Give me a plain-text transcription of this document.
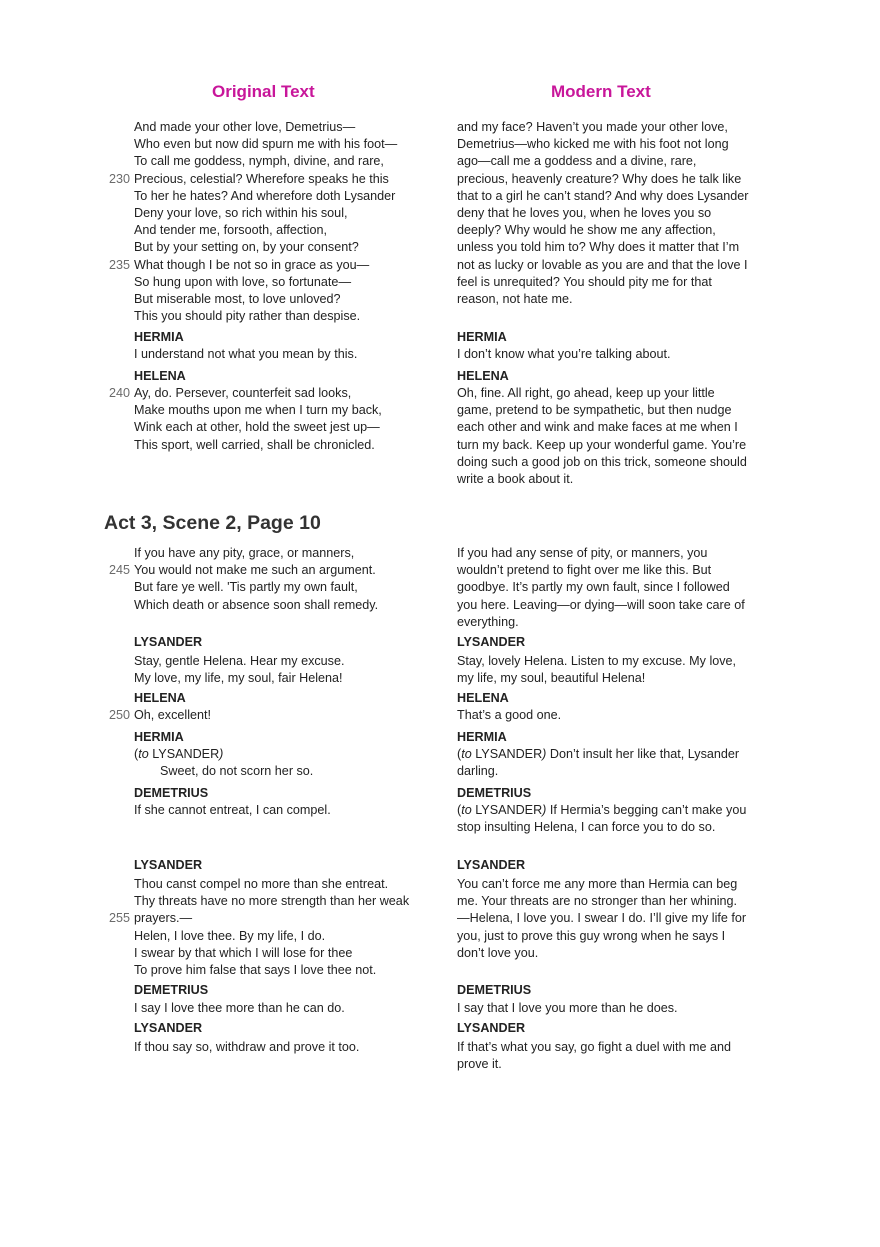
Original Text	Modern Text
And made your other love, Demetrius—
Who even but now did spurn me with his foot—
To call me goddess, nymph, divine, and rare,
230 Precious, celestial? Wherefore speaks he this
To her he hates? And wherefore doth Lysander
Deny your love, so rich within his soul,
And tender me, forsooth, affection,
But by your setting on, by your consent?
235 What though I be not so in grace as you—
So hung upon with love, so fortunate—
But miserable most, to love unloved?
This you should pity rather than despise.
and my face? Haven’t you made your other love, Demetrius—who kicked me with his foot not long ago—call me a goddess and a divine, rare, precious, heavenly creature? Why does he talk like that to a girl he can’t stand? And why does Lysander deny that he loves you, when he loves you so deeply? Why would he show me any affection, unless you told him to? Why does it matter that I’m not as lucky or lovable as you are and that the love I feel is unrequited? You should pity me for that reason, not hate me.
HERMIA
I understand not what you mean by this.
HERMIA
I don’t know what you’re talking about.
HELENA
240 Ay, do. Persever, counterfeit sad looks,
Make mouths upon me when I turn my back,
Wink each at other, hold the sweet jest up—
This sport, well carried, shall be chronicled.
HELENA
Oh, fine. All right, go ahead, keep up your little game, pretend to be sympathetic, but then nudge each other and wink and make faces at me when I turn my back. Keep up your wonderful game. You’re doing such a good job on this trick, someone should write a book about it.
Act 3, Scene 2, Page 10
If you have any pity, grace, or manners,
245 You would not make me such an argument.
But fare ye well. 'Tis partly my own fault,
Which death or absence soon shall remedy.
If you had any sense of pity, or manners, you wouldn’t pretend to fight over me like this. But goodbye. It’s partly my own fault, since I followed you here. Leaving—or dying—will soon take care of everything.
LYSANDER
Stay, gentle Helena. Hear my excuse.
My love, my life, my soul, fair Helena!
LYSANDER
Stay, lovely Helena. Listen to my excuse. My love, my life, my soul, beautiful Helena!
HELENA
250 Oh, excellent!
HELENA
That’s a good one.
HERMIA
(to LYSANDER)
Sweet, do not scorn her so.
HERMIA
(to LYSANDER) Don’t insult her like that, Lysander darling.
DEMETRIUS
If she cannot entreat, I can compel.
DEMETRIUS
(to LYSANDER) If Hermia’s begging can’t make you stop insulting Helena, I can force you to do so.
LYSANDER
Thou canst compel no more than she entreat.
Thy threats have no more strength than her weak
255 prayers.—
Helen, I love thee. By my life, I do.
I swear by that which I will lose for thee
To prove him false that says I love thee not.
LYSANDER
You can’t force me any more than Hermia can beg me. Your threats are no stronger than her whining.—Helena, I love you. I swear I do. I’ll give my life for you, just to prove this guy wrong when he says I don’t love you.
DEMETRIUS
I say I love thee more than he can do.
DEMETRIUS
I say that I love you more than he does.
LYSANDER
If thou say so, withdraw and prove it too.
LYSANDER
If that’s what you say, go fight a duel with me and prove it.
